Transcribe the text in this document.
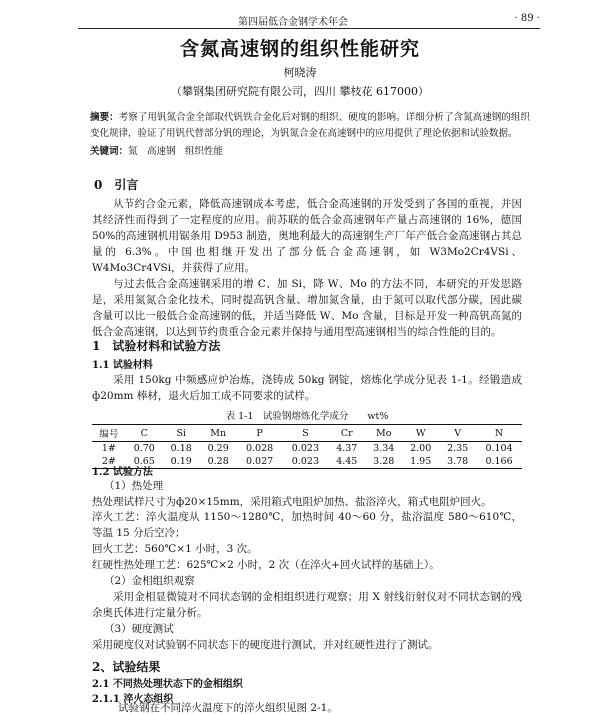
第四届低合金钢学术年会	· 89 ·
含氮高速钢的组织性能研究
柯晓涛
（攀钢集团研究院有限公司，四川 攀枝花 617000）
摘要：考察了用钒氮合金全部取代钒铁合金化后对钢的组织、硬度的影响。详细分析了含氮高速钢的组织变化规律，验证了用钒代替部分钒的理论，为钒氮合金在高速钢中的应用提供了理论依据和试验数据。
关键词：氮　高速钢　组织性能
0　引言

从节约合金元素，降低高速钢成本考虑，低合金高速钢的开发受到了各国的重视，并因其经济性而得到了一定程度的应用。前苏联的低合金高速钢年产量占高速钢的 16%，德国 50%的高速钢机用锯条用 D953 制造，奥地利最大的高速钢生产厂年产低合金高速钢占其总量的 6.3%。中国也相继开发出了部分低合金高速钢，如 W3Mo2Cr4VSi、W4Mo3Cr4VSi，并获得了应用。

与过去低合金高速钢采用的增 C、加 Si，降 W、Mo 的方法不同，本研究的开发思路是，采用氮氮合金化技术，同时提高钒含量、增加氮含量，由于氮可以取代部分碳，因此碳含量可以比一般低合金高速钢的低，并适当降低 W、Mo 含量，目标是开发一种高钒高氮的低合金高速钢，以达到节约贵重合金元素并保持与通用型高速钢相当的综合性能的目的。

1　试验材料和试验方法
1.1 试验材料
采用 150kg 中频感应炉冶炼，浇铸成 50kg 钢锭，熔炼化学成分见表 1-1。经锻造成 ф20mm 棒材，退火后加工成不同要求的试样。
表 1-1　试验钢熔炼化学成分　　wt%
编号	C	Si	Mn	P	S	Cr	Mo	W	V	N
1#	0.70	0.18	0.29	0.028	0.023	4.37	3.34	2.00	2.35	0.104
2#	0.65	0.19	0.28	0.027	0.023	4.45	3.28	1.95	3.78	0.166
1.2 试验方法
（1）热处理
热处理试样尺寸为ф20×15mm，采用箱式电阻炉加热、盐浴淬火，箱式电阻炉回火。
淬火工艺：淬火温度从 1150～1280℃，加热时间 40～60 分，盐浴温度 580～610℃，等温 15 分后空冷；
回火工艺：560℃×1 小时，3 次。
红硬性热处理工艺：625℃×2 小时，2 次（在淬火+回火试样的基础上）。
（2）金相组织观察
采用金相显微镜对不同状态钢的金相组织进行观察；用 X 射线衍射仪对不同状态钢的残余奥氏体进行定量分析。
（3）硬度测试
采用硬度仪对试验钢不同状态下的硬度进行测试，并对红硬性进行了测试。
2、试验结果
2.1 不同热处理状态下的金相组织
2.1.1 淬火态组织
试验钢在不同淬火温度下的淬火组织见图 2-1。
